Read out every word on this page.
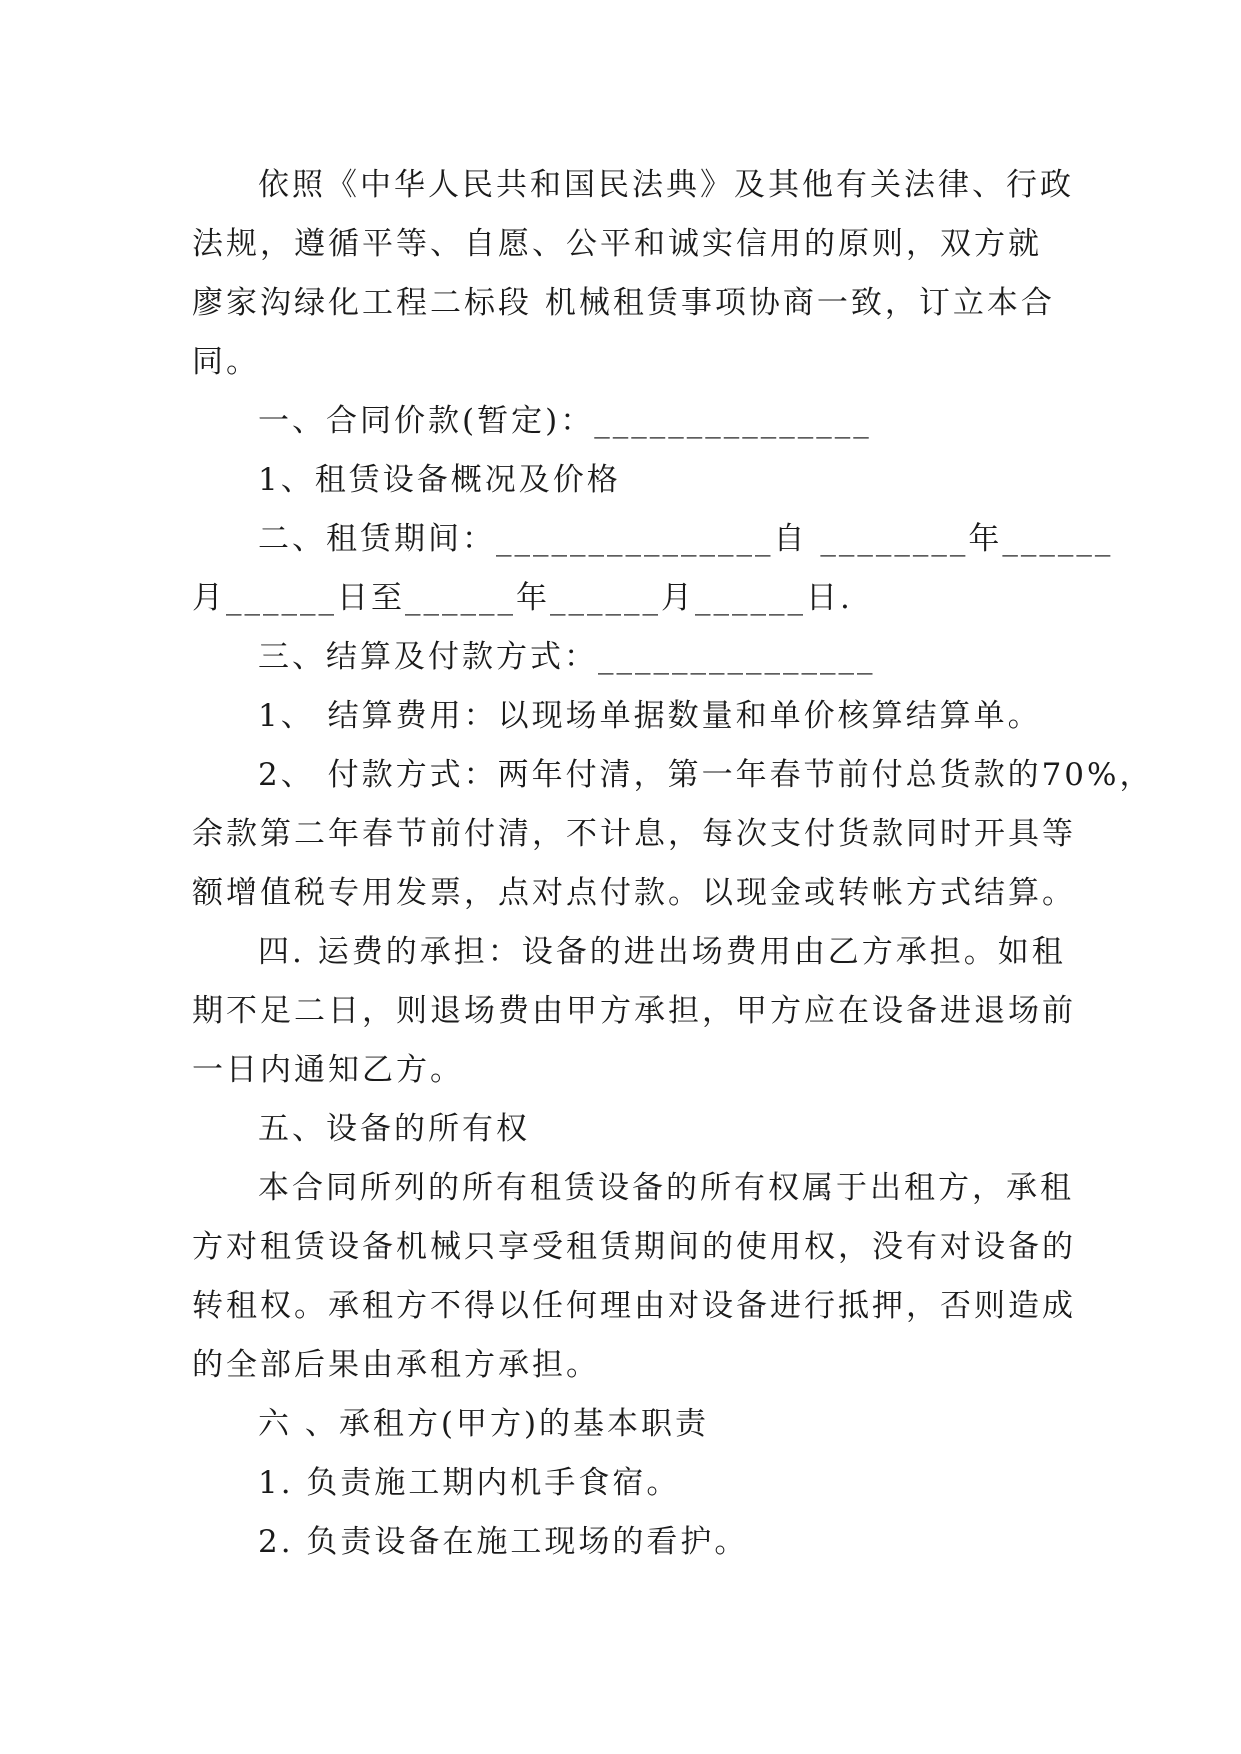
依照《中华人民共和国民法典》及其他有关法律、行政

法规，遵循平等、自愿、公平和诚实信用的原则，双方就

廖家沟绿化工程二标段 机械租赁事项协商一致，订立本合

同。

一、合同价款(暂定)：_______________

1、租赁设备概况及价格

二、租赁期间：_______________自 ________年______

月______日至______年______月______日.

三、结算及付款方式：_______________

1、 结算费用：以现场单据数量和单价核算结算单。

2、 付款方式：两年付清，第一年春节前付总货款的70%，

余款第二年春节前付清，不计息，每次支付货款同时开具等

额增值税专用发票，点对点付款。以现金或转帐方式结算。

四. 运费的承担：设备的进出场费用由乙方承担。如租

期不足二日，则退场费由甲方承担，甲方应在设备进退场前

一日内通知乙方。

五、设备的所有权

本合同所列的所有租赁设备的所有权属于出租方，承租

方对租赁设备机械只享受租赁期间的使用权，没有对设备的

转租权。承租方不得以任何理由对设备进行抵押，否则造成

的全部后果由承租方承担。

六 、承租方(甲方)的基本职责

1. 负责施工期内机手食宿。

2. 负责设备在施工现场的看护。
